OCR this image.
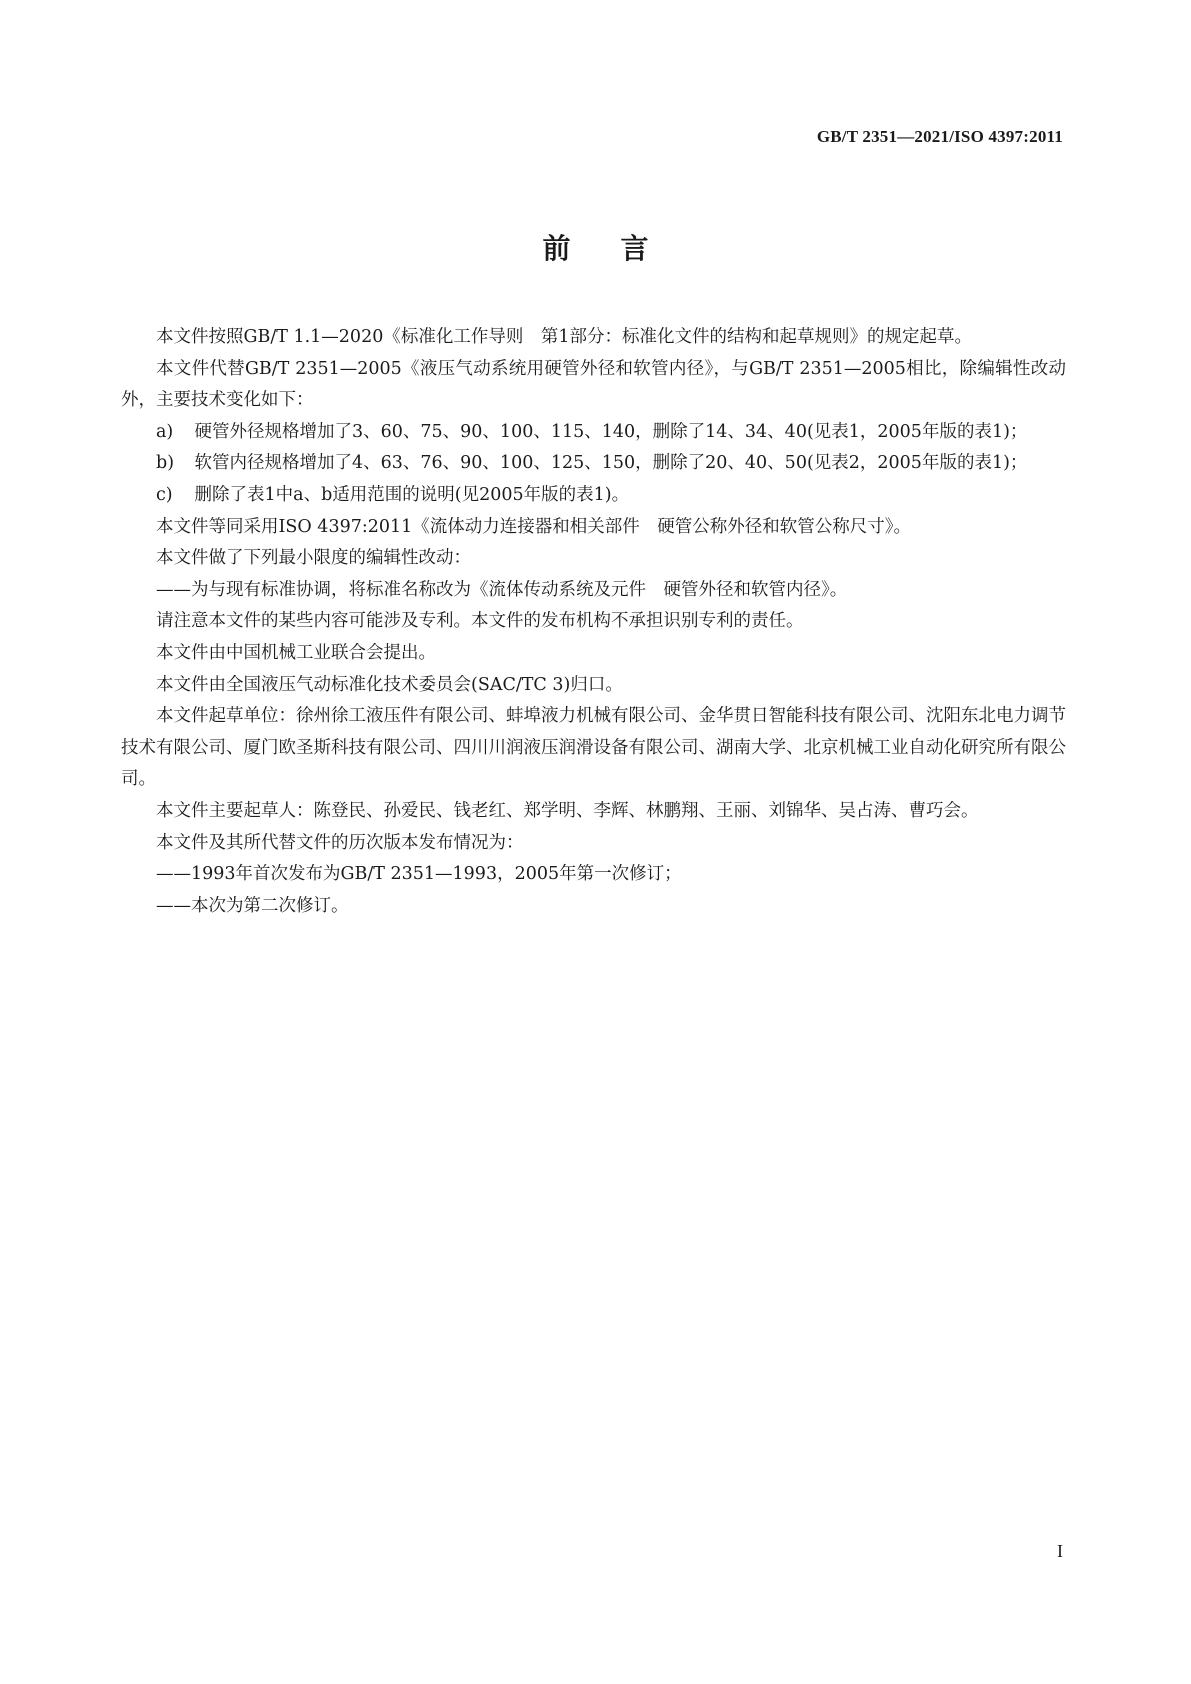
GB/T 2351—2021/ISO 4397:2011
前言

本文件按照GB/T 1.1—2020《标准化工作导则　第1部分：标准化文件的结构和起草规则》的规定起草。

本文件代替GB/T 2351—2005《液压气动系统用硬管外径和软管内径》，与GB/T 2351—2005相比，除编辑性改动外，主要技术变化如下：

a) 硬管外径规格增加了3、60、75、90、100、115、140，删除了14、34、40(见表1，2005年版的表1)；

b) 软管内径规格增加了4、63、76、90、100、125、150，删除了20、40、50(见表2，2005年版的表1)；

c) 删除了表1中a、b适用范围的说明(见2005年版的表1)。

本文件等同采用ISO 4397:2011《流体动力连接器和相关部件　硬管公称外径和软管公称尺寸》。

本文件做了下列最小限度的编辑性改动：

——为与现有标准协调，将标准名称改为《流体传动系统及元件　硬管外径和软管内径》。

请注意本文件的某些内容可能涉及专利。本文件的发布机构不承担识别专利的责任。

本文件由中国机械工业联合会提出。

本文件由全国液压气动标准化技术委员会(SAC/TC 3)归口。

本文件起草单位：徐州徐工液压件有限公司、蚌埠液力机械有限公司、金华贯日智能科技有限公司、沈阳东北电力调节技术有限公司、厦门欧圣斯科技有限公司、四川川润液压润滑设备有限公司、湖南大学、北京机械工业自动化研究所有限公司。

本文件主要起草人：陈登民、孙爱民、钱老红、郑学明、李辉、林鹏翔、王丽、刘锦华、吴占涛、曹巧会。

本文件及其所代替文件的历次版本发布情况为：

——1993年首次发布为GB/T 2351—1993，2005年第一次修订；

——本次为第二次修订。

I
